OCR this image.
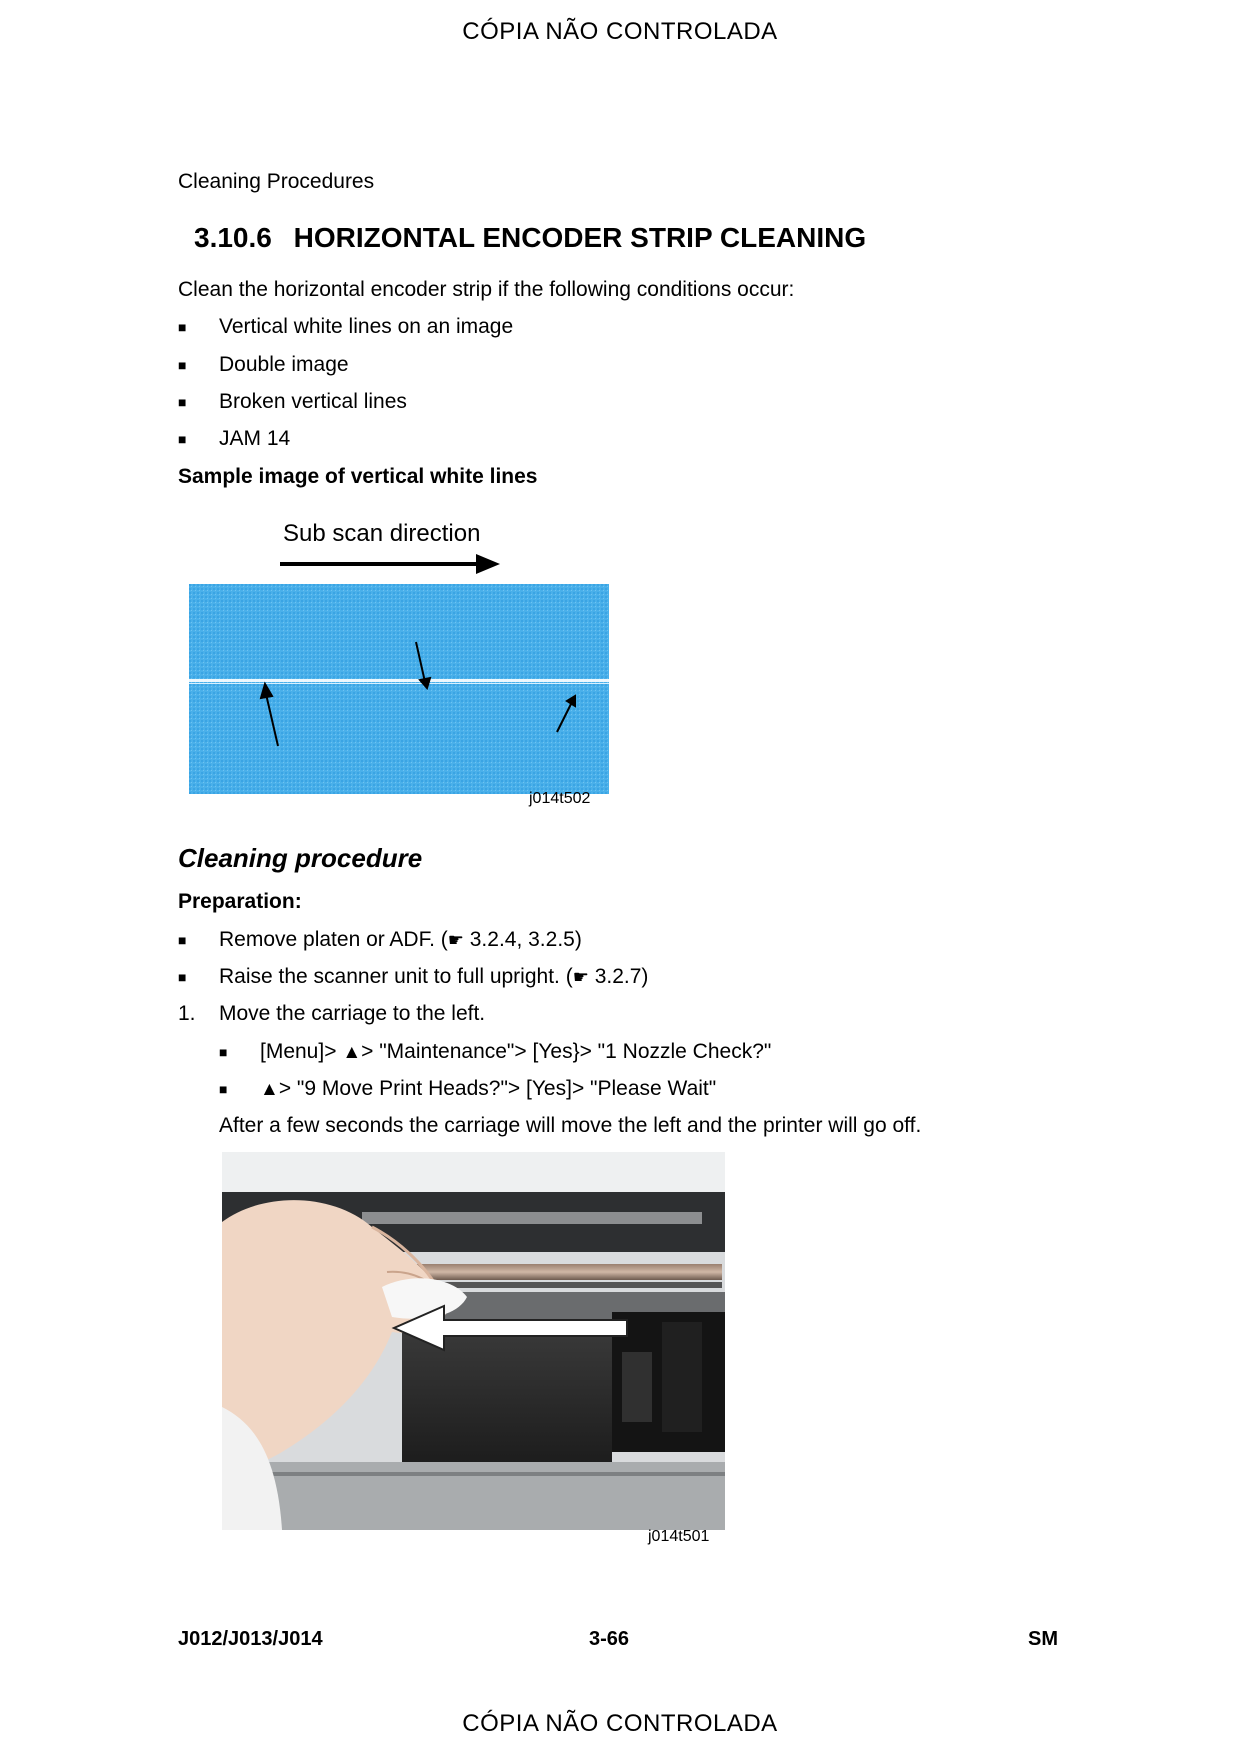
CÓPIA NÃO CONTROLADA
CÓPIA NÃO CONTROLADA
Cleaning Procedures
3.10.6 HORIZONTAL ENCODER STRIP CLEANING
Clean the horizontal encoder strip if the following conditions occur:
■ Vertical white lines on an image
■ Double image
■ Broken vertical lines
■ JAM 14
Sample image of vertical white lines
Sub scan direction
j014t502
Cleaning procedure
Preparation:
■ Remove platen or ADF. (☛ 3.2.4, 3.2.5)
■ Raise the scanner unit to full upright. (☛ 3.2.7)
1. Move the carriage to the left.
■ [Menu]> ▲> "Maintenance"> [Yes}> "1 Nozzle Check?"
■ ▲> "9 Move Print Heads?"> [Yes]> "Please Wait"
After a few seconds the carriage will move the left and the printer will go off.
j014t501
J012/J013/J014	3-66	SM
